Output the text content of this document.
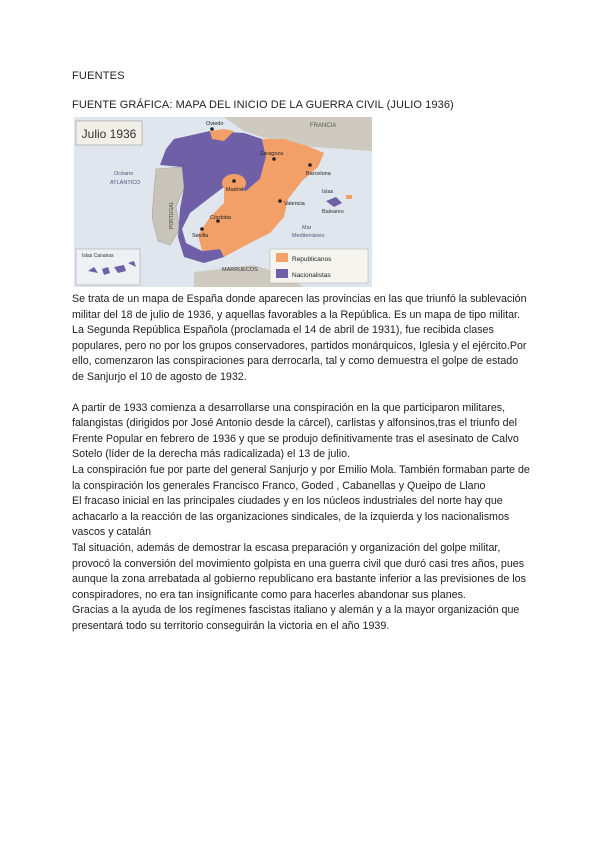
FUENTES
FUENTE GRÁFICA: MAPA DEL INICIO DE LA GUERRA CIVIL (JULIO 1936)
Julio 1936
FRANCIA
Océano
ATLÁNTICO
PORTUGAL	Mar
Mediterráneo
Islas
Baleares
Oviedo
Zaragoza
Barcelona
Madrid
Valencia
Córdoba
Sevilla
Islas Canarias
MARRUECOS
Republicanos
Nacionalistas

Se trata de un mapa de España donde aparecen las provincias en las que triunfó la sublevación militar del 18 de julio de 1936, y aquellas favorables a la República. Es un mapa de tipo militar.

La Segunda República Española (proclamada el 14 de abril de 1931), fue recibida clases populares, pero no por los grupos conservadores, partidos monárquicos, Iglesia y el ejército.Por ello, comenzaron las conspiraciones para derrocarla, tal y como demuestra el golpe de estado de Sanjurjo el 10 de agosto de 1932.

A partir de 1933 comienza a desarrollarse una conspiración en la que participaron militares, falangistas (dirigidos por José Antonio desde la cárcel), carlistas y alfonsinos,tras el triunfo del Frente Popular en febrero de 1936 y que se produjo definitivamente tras el asesinato de Calvo Sotelo (líder de la derecha más radicalizada) el 13 de julio.

La conspiración fue por parte del general Sanjurjo y por Emilio Mola. También formaban parte de la conspiración los generales Francisco Franco, Goded , Cabanellas y Queipo de Llano

El fracaso inicial en las principales ciudades y en los núcleos industriales del norte hay que achacarlo a la reacción de las organizaciones sindicales, de la izquierda y los nacionalismos vascos y catalán

Tal situación, además de demostrar la escasa preparación y organización del golpe militar, provocó la conversión del movimiento golpista en una guerra civil que duró casi tres años, pues aunque la zona arrebatada al gobierno republicano era bastante inferior a las previsiones de los conspiradores, no era tan insignificante como para hacerles abandonar sus planes.

Gracias a la ayuda de los regímenes fascistas italiano y alemán y a la mayor organización que presentará todo su territorio conseguirán la victoria en el año 1939.
